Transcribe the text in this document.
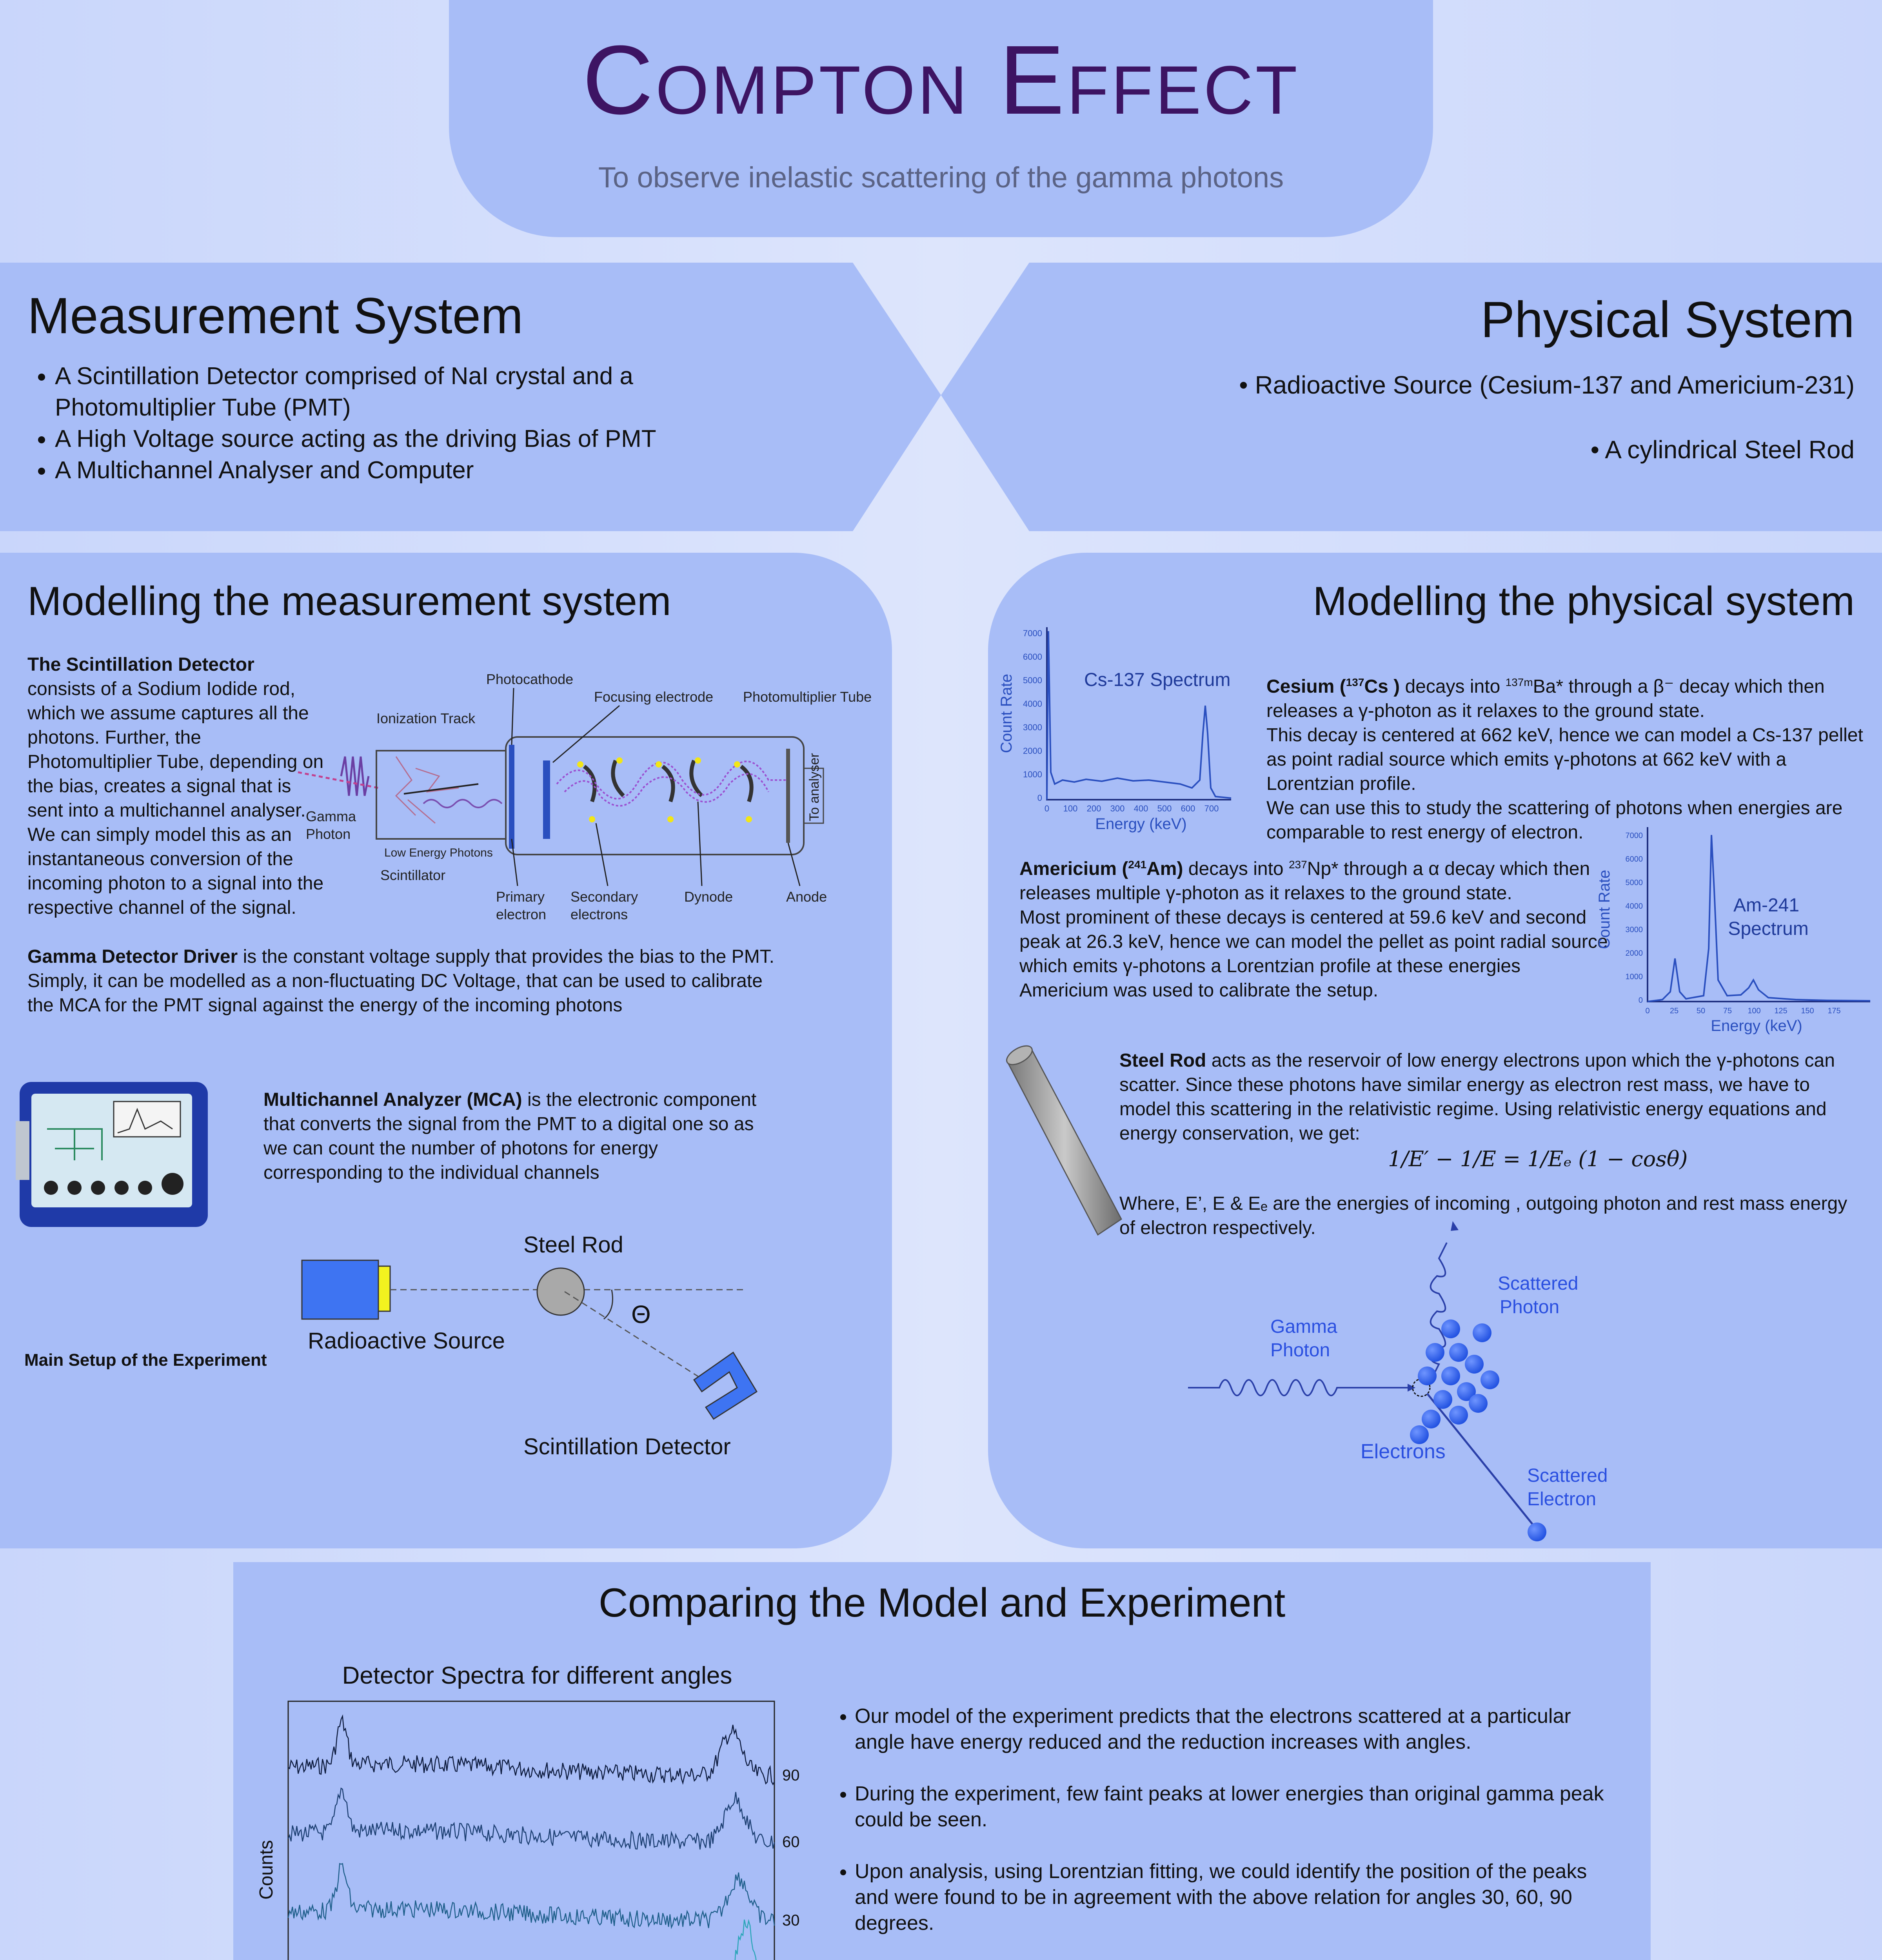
Compton Effect
To observe inelastic scattering of the gamma photons
Measurement System
• A Scintillation Detector comprised of NaI crystal and a Photomultiplier Tube (PMT)
• A High Voltage source acting as the driving Bias of PMT
• A Multichannel Analyser and Computer
Physical System
• Radioactive Source (Cesium-137 and Americium-231)
• A cylindrical Steel Rod
Modelling the measurement system
The Scintillation Detector consists of a Sodium Iodide rod, which we assume captures all the photons. Further, the Photomultiplier Tube, depending on the bias, creates a signal that is sent into a multichannel analyser. We can simply model this as an instantaneous conversion of the incoming photon to a signal into the respective channel of the signal.
Photocathode
Focusing electrode Photomultiplier Tube
Ionization Track
Gamma
Photon
Low Energy Photons
Scintillator
Primary
electron
Secondary
electrons
Dynode	Anode
To analyser
Gamma Detector Driver is the constant voltage supply that provides the bias to the PMT. Simply, it can be modelled as a non-fluctuating DC Voltage, that can be used to calibrate the MCA for the PMT signal against the energy of the incoming photons
Multichannel Analyzer (MCA) is the electronic component that converts the signal from the PMT to a digital one so as we can count the number of photons for energy corresponding to the individual channels
Main Setup of the Experiment
Steel Rod
Θ
Radioactive Source
Scintillation Detector
Modelling the physical system
0
1000
2000
3000
4000
5000
6000
7000
0 100 200 300 400 500 600 700
Cs-137 Spectrum
Energy (keV)
Count Rate	Cesium ($^{137}$Cs ) decays into $^{137m}$Ba* through a β⁻ decay which then releases a γ-photon as it relaxes to the ground state.
This decay is centered at 662 keV, hence we can model a Cs-137 pellet as point radial source which emits γ-photons at 662 keV with a Lorentzian profile.
We can use this to study the scattering of photons when energies are comparable to rest energy of electron.
Americium ($^{241}$Am) decays into $^{237}$Np* through a α decay which then releases multiple γ-photon as it relaxes to the ground state.
Most prominent of these decays is centered at 59.6 keV and second peak at 26.3 keV, hence we can model the pellet as point radial source which emits γ-photons a Lorentzian profile at these energies
Americium was used to calibrate the setup.	0
1000
2000
3000
4000
5000
6000
7000
0	25 50 75 100 125 150 175
Am-241
Spectrum
Energy (keV)
Count Rate
Steel Rod acts as the reservoir of low energy electrons upon which the γ-photons can scatter. Since these photons have similar energy as electron rest mass, we have to model this scattering in the relativistic regime. Using relativistic energy equations and energy conservation, we get:
1/E′ − 1/E = 1/Eₑ (1 − cosθ)
Where, E’, E & Eₑ are the energies of incoming , outgoing photon and rest mass energy of electron respectively.
Gamma
Photon
Scattered
Photon
Electrons
Scattered
Electron
Comparing the Model and Experiment
Detector Spectra for different angles
90
60
30
Counts
• Our model of the experiment predicts that the electrons scattered at a particular angle have energy reduced and the reduction increases with angles.
• During the experiment, few faint peaks at lower energies than original gamma peak could be seen.
• Upon analysis, using Lorentzian fitting, we could identify the position of the peaks and were found to be in agreement with the above relation for angles 30, 60, 90 degrees.
